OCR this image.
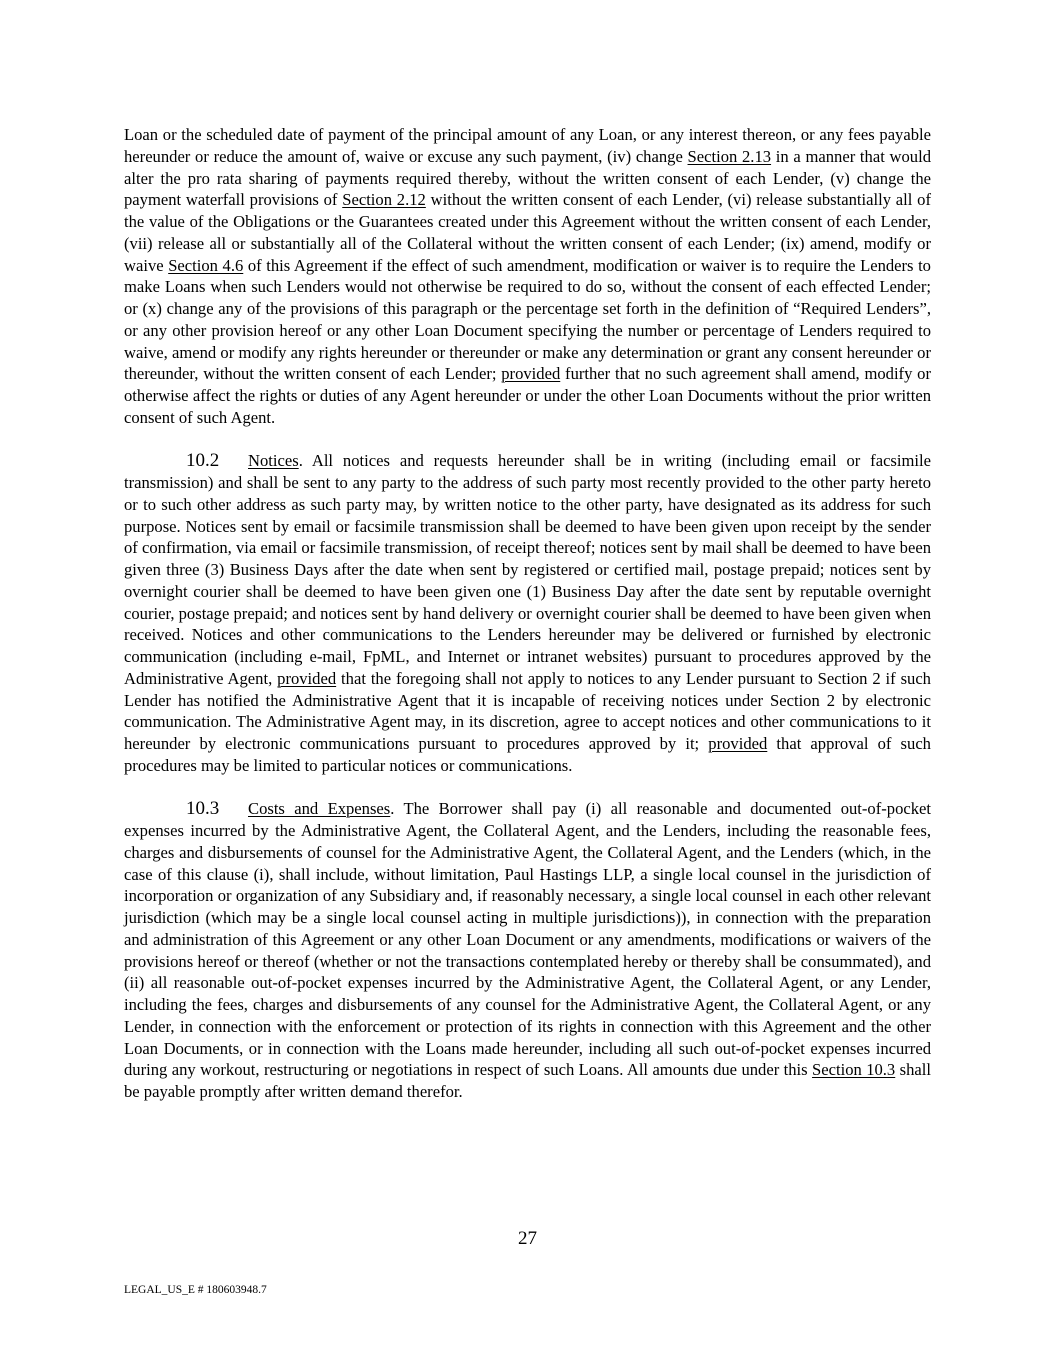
Loan or the scheduled date of payment of the principal amount of any Loan, or any interest thereon, or any fees payable hereunder or reduce the amount of, waive or excuse any such payment, (iv) change Section 2.13 in a manner that would alter the pro rata sharing of payments required thereby, without the written consent of each Lender, (v) change the payment waterfall provisions of Section 2.12 without the written consent of each Lender, (vi) release substantially all of the value of the Obligations or the Guarantees created under this Agreement without the written consent of each Lender, (vii) release all or substantially all of the Collateral without the written consent of each Lender; (ix) amend, modify or waive Section 4.6 of this Agreement if the effect of such amendment, modification or waiver is to require the Lenders to make Loans when such Lenders would not otherwise be required to do so, without the consent of each effected Lender; or (x) change any of the provisions of this paragraph or the percentage set forth in the definition of “Required Lenders”, or any other provision hereof or any other Loan Document specifying the number or percentage of Lenders required to waive, amend or modify any rights hereunder or thereunder or make any determination or grant any consent hereunder or thereunder, without the written consent of each Lender; provided further that no such agreement shall amend, modify or otherwise affect the rights or duties of any Agent hereunder or under the other Loan Documents without the prior written consent of such Agent.

10.2 Notices. All notices and requests hereunder shall be in writing (including email or facsimile transmission) and shall be sent to any party to the address of such party most recently provided to the other party hereto or to such other address as such party may, by written notice to the other party, have designated as its address for such purpose. Notices sent by email or facsimile transmission shall be deemed to have been given upon receipt by the sender of confirmation, via email or facsimile transmission, of receipt thereof; notices sent by mail shall be deemed to have been given three (3) Business Days after the date when sent by registered or certified mail, postage prepaid; notices sent by overnight courier shall be deemed to have been given one (1) Business Day after the date sent by reputable overnight courier, postage prepaid; and notices sent by hand delivery or overnight courier shall be deemed to have been given when received. Notices and other communications to the Lenders hereunder may be delivered or furnished by electronic communication (including e-mail, FpML, and Internet or intranet websites) pursuant to procedures approved by the Administrative Agent, provided that the foregoing shall not apply to notices to any Lender pursuant to Section 2 if such Lender has notified the Administrative Agent that it is incapable of receiving notices under Section 2 by electronic communication. The Administrative Agent may, in its discretion, agree to accept notices and other communications to it hereunder by electronic communications pursuant to procedures approved by it; provided that approval of such procedures may be limited to particular notices or communications.

10.3 Costs and Expenses. The Borrower shall pay (i) all reasonable and documented out-of-pocket expenses incurred by the Administrative Agent, the Collateral Agent, and the Lenders, including the reasonable fees, charges and disbursements of counsel for the Administrative Agent, the Collateral Agent, and the Lenders (which, in the case of this clause (i), shall include, without limitation, Paul Hastings LLP, a single local counsel in the jurisdiction of incorporation or organization of any Subsidiary and, if reasonably necessary, a single local counsel in each other relevant jurisdiction (which may be a single local counsel acting in multiple jurisdictions)), in connection with the preparation and administration of this Agreement or any other Loan Document or any amendments, modifications or waivers of the provisions hereof or thereof (whether or not the transactions contemplated hereby or thereby shall be consummated), and (ii) all reasonable out-of-pocket expenses incurred by the Administrative Agent, the Collateral Agent, or any Lender, including the fees, charges and disbursements of any counsel for the Administrative Agent, the Collateral Agent, or any Lender, in connection with the enforcement or protection of its rights in connection with this Agreement and the other Loan Documents, or in connection with the Loans made hereunder, including all such out-of-pocket expenses incurred during any workout, restructuring or negotiations in respect of such Loans. All amounts due under this Section 10.3 shall be payable promptly after written demand therefor.

27

LEGAL_US_E # 180603948.7
